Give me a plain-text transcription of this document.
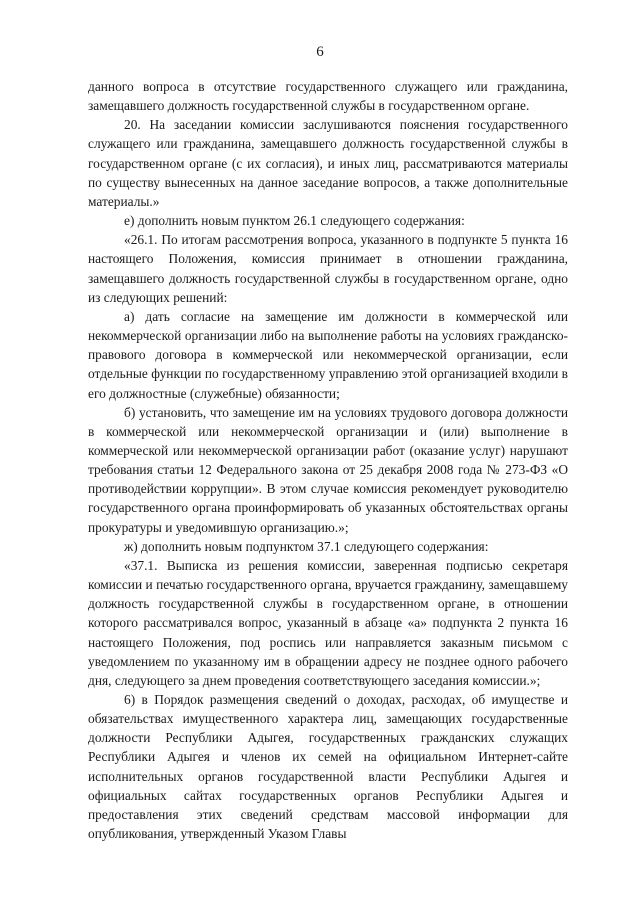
6

данного вопроса в отсутствие государственного служащего или гражданина, замещавшего должность государственной службы в государственном органе.

20. На заседании комиссии заслушиваются пояснения государственного служащего или гражданина, замещавшего должность государственной службы в государственном органе (с их согласия), и иных лиц, рассматриваются материалы по существу вынесенных на данное заседание вопросов, а также дополнительные материалы.»

е) дополнить новым пунктом 26.1 следующего содержания:

«26.1. По итогам рассмотрения вопроса, указанного в подпункте 5 пункта 16 настоящего Положения, комиссия принимает в отношении гражданина, замещавшего должность государственной службы в государственном органе, одно из следующих решений:

а) дать согласие на замещение им должности в коммерческой или некоммерческой организации либо на выполнение работы на условиях гражданско-правового договора в коммерческой или некоммерческой организации, если отдельные функции по государственному управлению этой организацией входили в его должностные (служебные) обязанности;

б) установить, что замещение им на условиях трудового договора должности в коммерческой или некоммерческой организации и (или) выполнение в коммерческой или некоммерческой организации работ (оказание услуг) нарушают требования статьи 12 Федерального закона от 25 декабря 2008 года № 273-ФЗ «О противодействии коррупции». В этом случае комиссия рекомендует руководителю государственного органа проинформировать об указанных обстоятельствах органы прокуратуры и уведомившую организацию.»;

ж) дополнить новым подпунктом 37.1 следующего содержания:

«37.1. Выписка из решения комиссии, заверенная подписью секретаря комиссии и печатью государственного органа, вручается гражданину, замещавшему должность государственной службы в государственном органе, в отношении которого рассматривался вопрос, указанный в абзаце «а» подпункта 2 пункта 16 настоящего Положения, под роспись или направляется заказным письмом с уведомлением по указанному им в обращении адресу не позднее одного рабочего дня, следующего за днем проведения соответствующего заседания комиссии.»;

6) в Порядок размещения сведений о доходах, расходах, об имуществе и обязательствах имущественного характера лиц, замещающих государственные должности Республики Адыгея, государственных гражданских служащих Республики Адыгея и членов их семей на официальном Интернет-сайте исполнительных органов государственной власти Республики Адыгея и официальных сайтах государственных органов Республики Адыгея и предоставления этих сведений средствам массовой информации для опубликования, утвержденный Указом Главы
